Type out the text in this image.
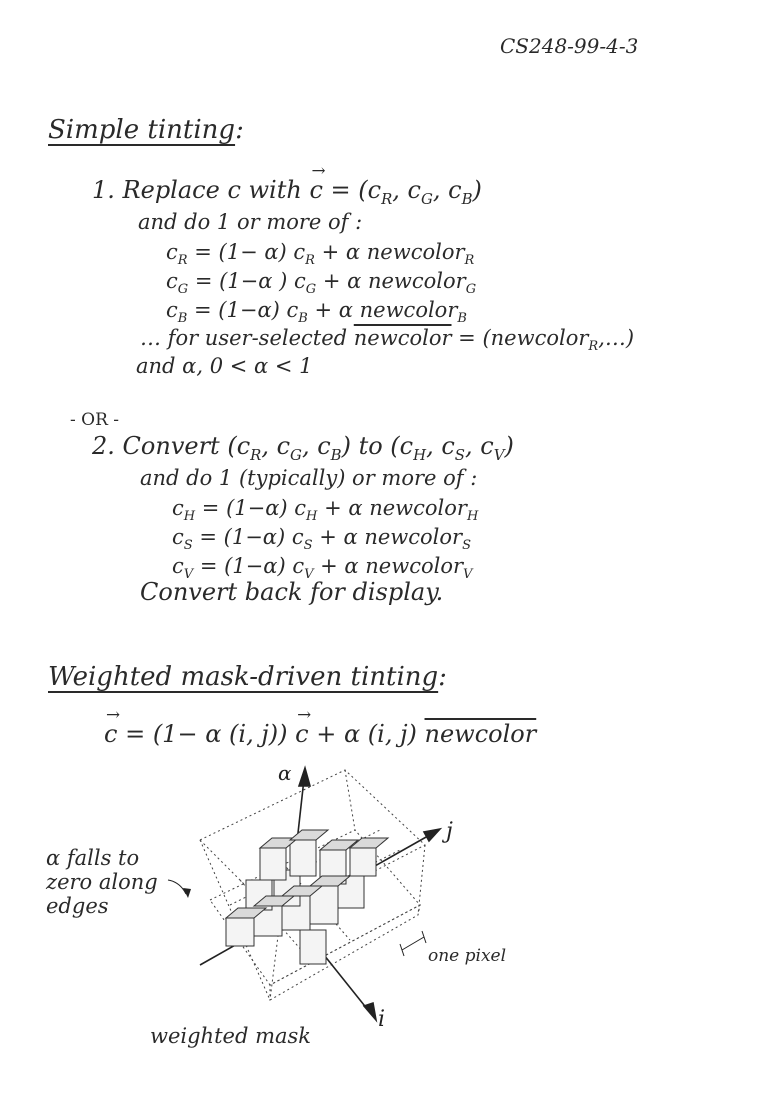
CS248-99-4-3
Simple tinting:
1. Replace c with → $c = (c_R$, $c_G$, $c_B$)
and do 1 or more of :
$c_R = (1- \alpha) c_R + \alpha$ newcolor$_R$
$c_G = (1-\alpha$ ) $c_G + \alpha$ newcolor$_G$
$c_B = (1-\alpha) c_B + \alpha$ newcolor$_B$
… for user-selected newcolor = (newcolor$_R$,…)
and α, 0 < α < 1
- OR -
2. Convert ($c_R$, $c_G$, $c_B$) to ($c_H$, $c_S$, $c_V$)
and do 1 (typically) or more of :
$c_H = (1-\alpha) c_H + \alpha$ newcolor$_H$
$c_S = (1-\alpha) c_S + \alpha$ newcolor$_S$
$c_V = (1-\alpha) c_V + \alpha$ newcolor$_V$
Convert back for display.
Weighted mask-driven tinting:
→ c = (1− α (i, j)) → c + α (i, j) newcolor
α
j
i
α falls to
zero along
edges
one pixel
weighted mask
